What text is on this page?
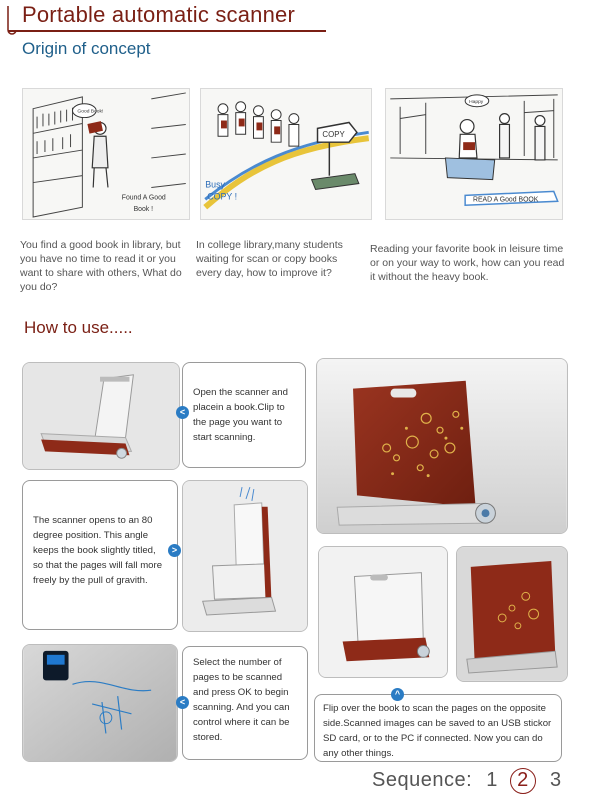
Portable automatic scanner
Origin of concept
Good Book!
Found A Good
Book !
COPY
Busy
COPY !
Happy
READ A Good BOOK
You find a good book in library, but you have no time to read it or you want to share with others, What do you do?
In college library,many students waiting for scan or copy books every day, how to improve it?
Reading your favorite book in leisure time or on your way to work, how can you read it without the heavy book.
How to use.....
Open the scanner and placein a book.Clip to the page you want to start scanning.
<
The scanner opens to an 80 degree position. This angle keeps the book slightly titled, so that the pages will fall more freely by the pull of gravith.
>
Select the number of pages to be scanned and press OK to begin scanning. And you can control where it can be stored.
<
Flip over the book to scan the pages on the opposite side.Scanned images can be saved to an USB stickor SD card, or to the PC if connected. Now you can do any other things.
^
Sequence: 1 2 3
